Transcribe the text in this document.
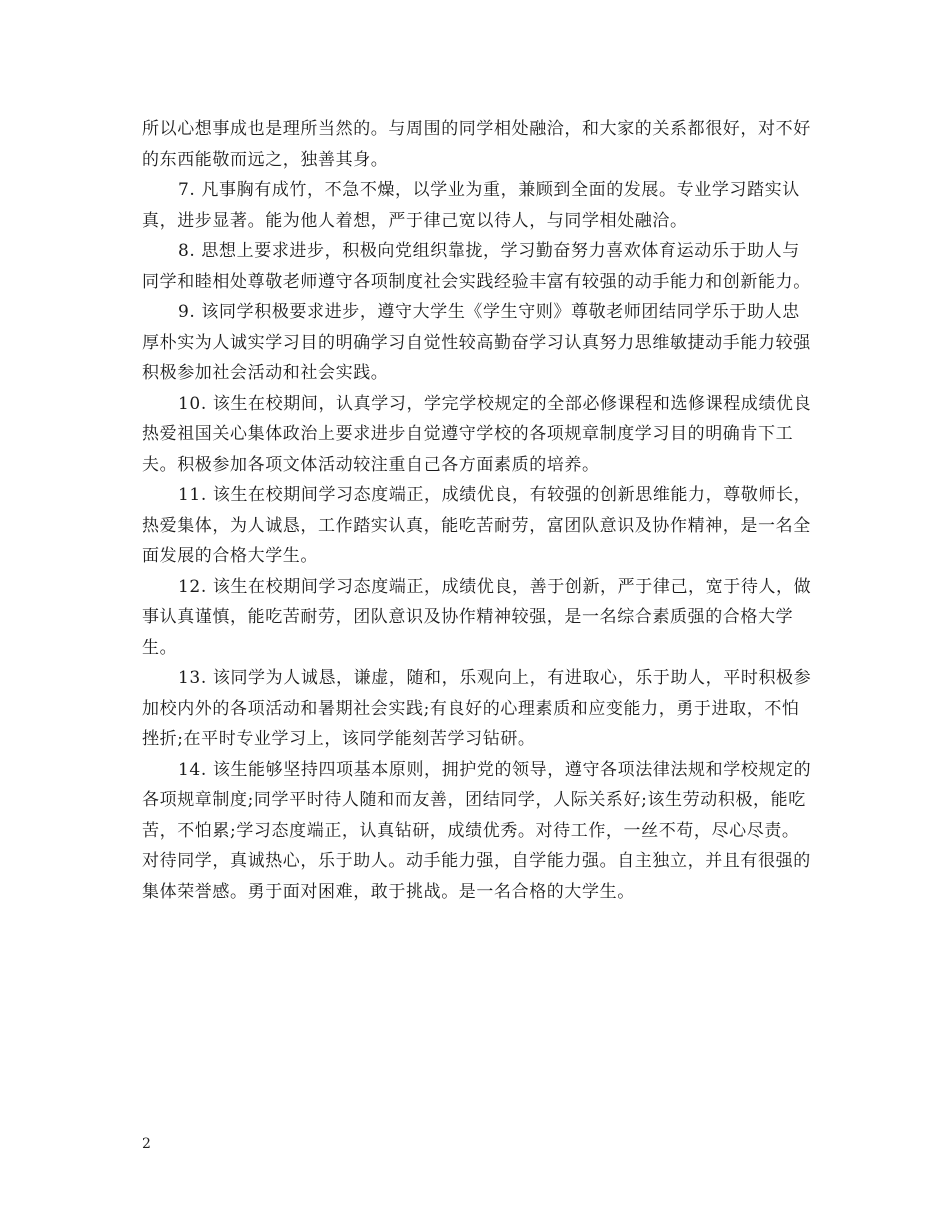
所以心想事成也是理所当然的。与周围的同学相处融洽，和大家的关系都很好，对不好的东西能敬而远之，独善其身。

7. 凡事胸有成竹，不急不燥，以学业为重，兼顾到全面的发展。专业学习踏实认真，进步显著。能为他人着想，严于律己宽以待人，与同学相处融洽。

8. 思想上要求进步，积极向党组织靠拢，学习勤奋努力喜欢体育运动乐于助人与同学和睦相处尊敬老师遵守各项制度社会实践经验丰富有较强的动手能力和创新能力。

9. 该同学积极要求进步，遵守大学生《学生守则》尊敬老师团结同学乐于助人忠厚朴实为人诚实学习目的明确学习自觉性较高勤奋学习认真努力思维敏捷动手能力较强积极参加社会活动和社会实践。

10. 该生在校期间，认真学习，学完学校规定的全部必修课程和选修课程成绩优良热爱祖国关心集体政治上要求进步自觉遵守学校的各项规章制度学习目的明确肯下工夫。积极参加各项文体活动较注重自己各方面素质的培养。

11. 该生在校期间学习态度端正，成绩优良，有较强的创新思维能力，尊敬师长，热爱集体，为人诚恳，工作踏实认真，能吃苦耐劳，富团队意识及协作精神，是一名全面发展的合格大学生。

12. 该生在校期间学习态度端正，成绩优良，善于创新，严于律己，宽于待人，做事认真谨慎，能吃苦耐劳，团队意识及协作精神较强，是一名综合素质强的合格大学生。

13. 该同学为人诚恳，谦虚，随和，乐观向上，有进取心，乐于助人，平时积极参加校内外的各项活动和暑期社会实践;有良好的心理素质和应变能力，勇于进取，不怕挫折;在平时专业学习上，该同学能刻苦学习钻研。

14. 该生能够坚持四项基本原则，拥护党的领导，遵守各项法律法规和学校规定的各项规章制度;同学平时待人随和而友善，团结同学，人际关系好;该生劳动积极，能吃苦，不怕累;学习态度端正，认真钻研，成绩优秀。对待工作，一丝不苟，尽心尽责。对待同学，真诚热心，乐于助人。动手能力强，自学能力强。自主独立，并且有很强的集体荣誉感。勇于面对困难，敢于挑战。是一名合格的大学生。

2
